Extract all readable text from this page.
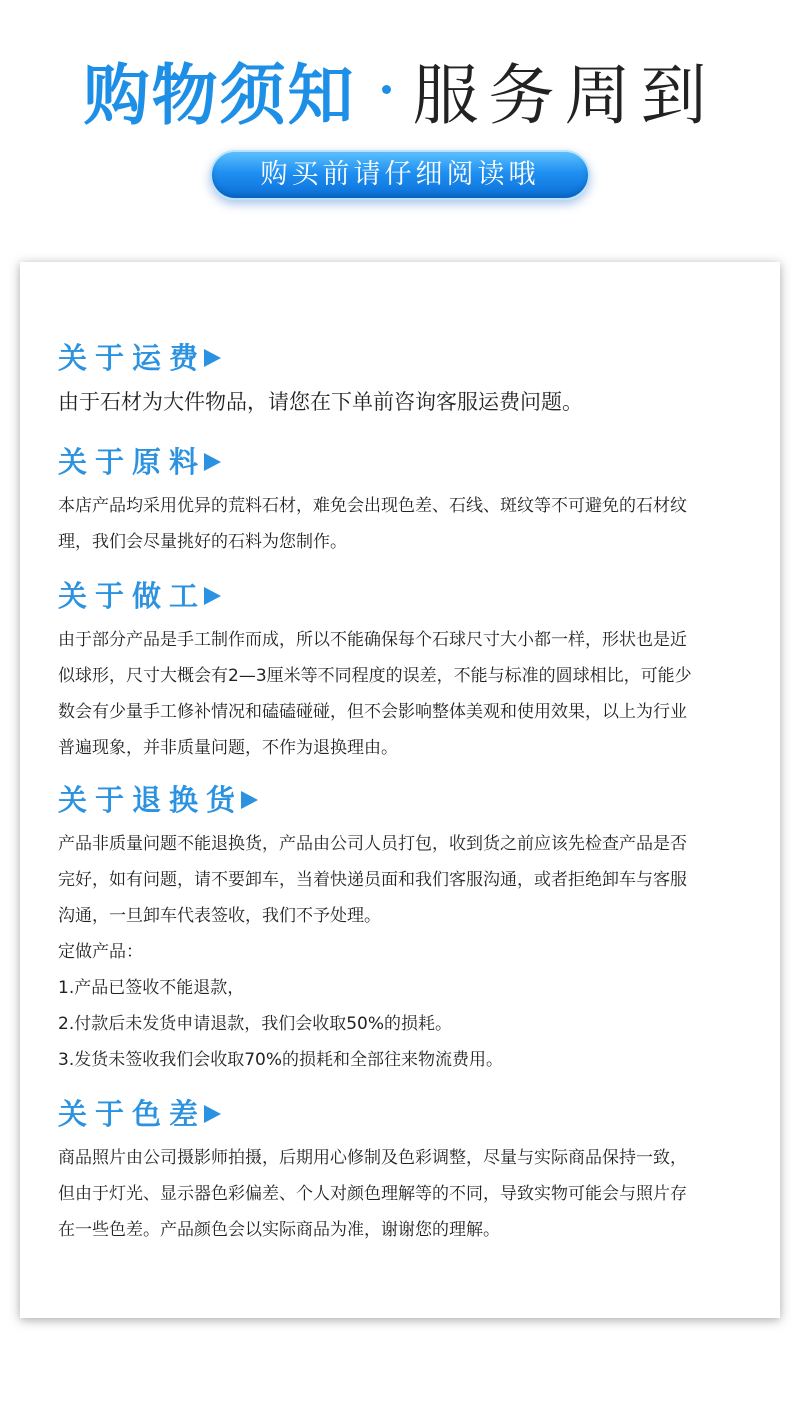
购物须知 服务周到
购买前请仔细阅读哦
关于运费
由于石材为大件物品，请您在下单前咨询客服运费问题。
关于原料
本店产品均采用优异的荒料石材，难免会出现色差、石线、斑纹等不可避免的石材纹
理，我们会尽量挑好的石料为您制作。
关于做工
由于部分产品是手工制作而成，所以不能确保每个石球尺寸大小都一样，形状也是近
似球形，尺寸大概会有2—3厘米等不同程度的误差，不能与标准的圆球相比，可能少
数会有少量手工修补情况和磕磕碰碰，但不会影响整体美观和使用效果，以上为行业
普遍现象，并非质量问题，不作为退换理由。
关于退换货
产品非质量问题不能退换货，产品由公司人员打包，收到货之前应该先检查产品是否
完好，如有问题，请不要卸车，当着快递员面和我们客服沟通，或者拒绝卸车与客服
沟通，一旦卸车代表签收，我们不予处理。
定做产品：
1.产品已签收不能退款，
2.付款后未发货申请退款，我们会收取50%的损耗。
3.发货未签收我们会收取70%的损耗和全部往来物流费用。
关于色差
商品照片由公司摄影师拍摄，后期用心修制及色彩调整，尽量与实际商品保持一致，
但由于灯光、显示器色彩偏差、个人对颜色理解等的不同，导致实物可能会与照片存
在一些色差。产品颜色会以实际商品为准，谢谢您的理解。
